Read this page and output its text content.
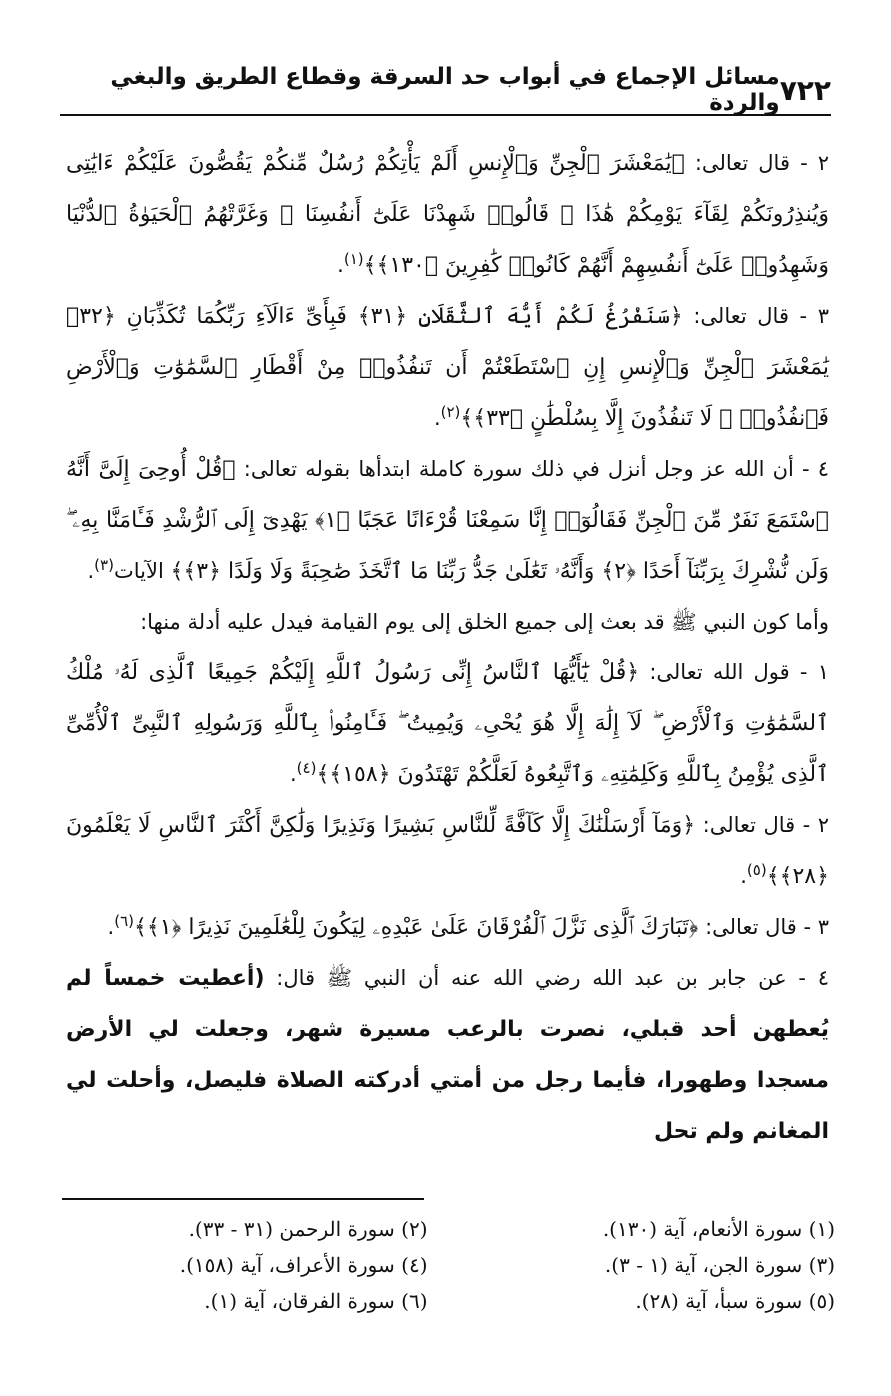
٧٢٢
مسائل الإجماع في أبواب حد السرقة وقطاع الطريق والبغي والردة

٢ - قال تعالى: ﴿يَٰمَعْشَرَ ٱلْجِنِّ وَٱلْإِنسِ أَلَمْ يَأْتِكُمْ رُسُلٌ مِّنكُمْ يَقُصُّونَ عَلَيْكُمْ ءَايَٰتِى وَيُنذِرُونَكُمْ لِقَآءَ يَوْمِكُمْ هَٰذَا ۚ قَالُوا۟ شَهِدْنَا عَلَىٰٓ أَنفُسِنَا ۖ وَغَرَّتْهُمُ ٱلْحَيَوٰةُ ٱلدُّنْيَا وَشَهِدُوا۟ عَلَىٰٓ أَنفُسِهِمْ أَنَّهُمْ كَانُوا۟ كَٰفِرِينَ ﴿١٣٠﴾﴾$^{(١)}$.

٣ - قال تعالى: ﴿سَنَفْرُغُ لَكُمْ أَيُّهَ ٱلثَّقَلَانِ ﴿٣١﴾ فَبِأَىِّ ءَالَآءِ رَبِّكُمَا تُكَذِّبَانِ ﴿٣٢﴾ يَٰمَعْشَرَ ٱلْجِنِّ وَٱلْإِنسِ إِنِ ٱسْتَطَعْتُمْ أَن تَنفُذُوا۟ مِنْ أَقْطَارِ ٱلسَّمَٰوَٰتِ وَٱلْأَرْضِ فَٱنفُذُوا۟ ۚ لَا تَنفُذُونَ إِلَّا بِسُلْطَٰنٍ ﴿٣٣﴾﴾$^{(٢)}$.

٤ - أن الله عز وجل أنزل في ذلك سورة كاملة ابتدأها بقوله تعالى: ﴿قُلْ أُوحِىَ إِلَىَّ أَنَّهُ ٱسْتَمَعَ نَفَرٌ مِّنَ ٱلْجِنِّ فَقَالُوٓا۟ إِنَّا سَمِعْنَا قُرْءَانًا عَجَبًا ﴿١﴾ يَهْدِىٓ إِلَى ٱلرُّشْدِ فَـَٔامَنَّا بِهِۦ ۖ وَلَن نُّشْرِكَ بِرَبِّنَآ أَحَدًا ﴿٢﴾ وَأَنَّهُۥ تَعَٰلَىٰ جَدُّ رَبِّنَا مَا ٱتَّخَذَ صَٰحِبَةً وَلَا وَلَدًا ﴿٣﴾﴾ الآيات$^{(٣)}$.

وأما كون النبي ﷺ قد بعث إلى جميع الخلق إلى يوم القيامة فيدل عليه أدلة منها:

١ - قول الله تعالى: ﴿قُلْ يَٰٓأَيُّهَا ٱلنَّاسُ إِنِّى رَسُولُ ٱللَّهِ إِلَيْكُمْ جَمِيعًا ٱلَّذِى لَهُۥ مُلْكُ ٱلسَّمَٰوَٰتِ وَٱلْأَرْضِ ۖ لَآ إِلَٰهَ إِلَّا هُوَ يُحْىِۦ وَيُمِيتُ ۖ فَـَٔامِنُوا۟ بِٱللَّهِ وَرَسُولِهِ ٱلنَّبِىِّ ٱلْأُمِّىِّ ٱلَّذِى يُؤْمِنُ بِٱللَّهِ وَكَلِمَٰتِهِۦ وَٱتَّبِعُوهُ لَعَلَّكُمْ تَهْتَدُونَ ﴿١٥٨﴾﴾$^{(٤)}$.

٢ - قال تعالى: ﴿وَمَآ أَرْسَلْنَٰكَ إِلَّا كَآفَّةً لِّلنَّاسِ بَشِيرًا وَنَذِيرًا وَلَٰكِنَّ أَكْثَرَ ٱلنَّاسِ لَا يَعْلَمُونَ ﴿٢٨﴾﴾$^{(٥)}$.

٣ - قال تعالى: ﴿تَبَارَكَ ٱلَّذِى نَزَّلَ ٱلْفُرْقَانَ عَلَىٰ عَبْدِهِۦ لِيَكُونَ لِلْعَٰلَمِينَ نَذِيرًا ﴿١﴾﴾$^{(٦)}$.

٤ - عن جابر بن عبد الله رضي الله عنه أن النبي ﷺ قال: (أعطيت خمساً لم يُعطهن أحد قبلي، نصرت بالرعب مسيرة شهر، وجعلت لي الأرض مسجدا وطهورا، فأيما رجل من أمتي أدركته الصلاة فليصل، وأحلت لي المغانم ولم تحل

(١) سورة الأنعام، آية (١٣٠).
(٢) سورة الرحمن (٣١ - ٣٣).
(٣) سورة الجن، آية (١ - ٣).
(٤) سورة الأعراف، آية (١٥٨).
(٥) سورة سبأ، آية (٢٨).
(٦) سورة الفرقان، آية (١).
